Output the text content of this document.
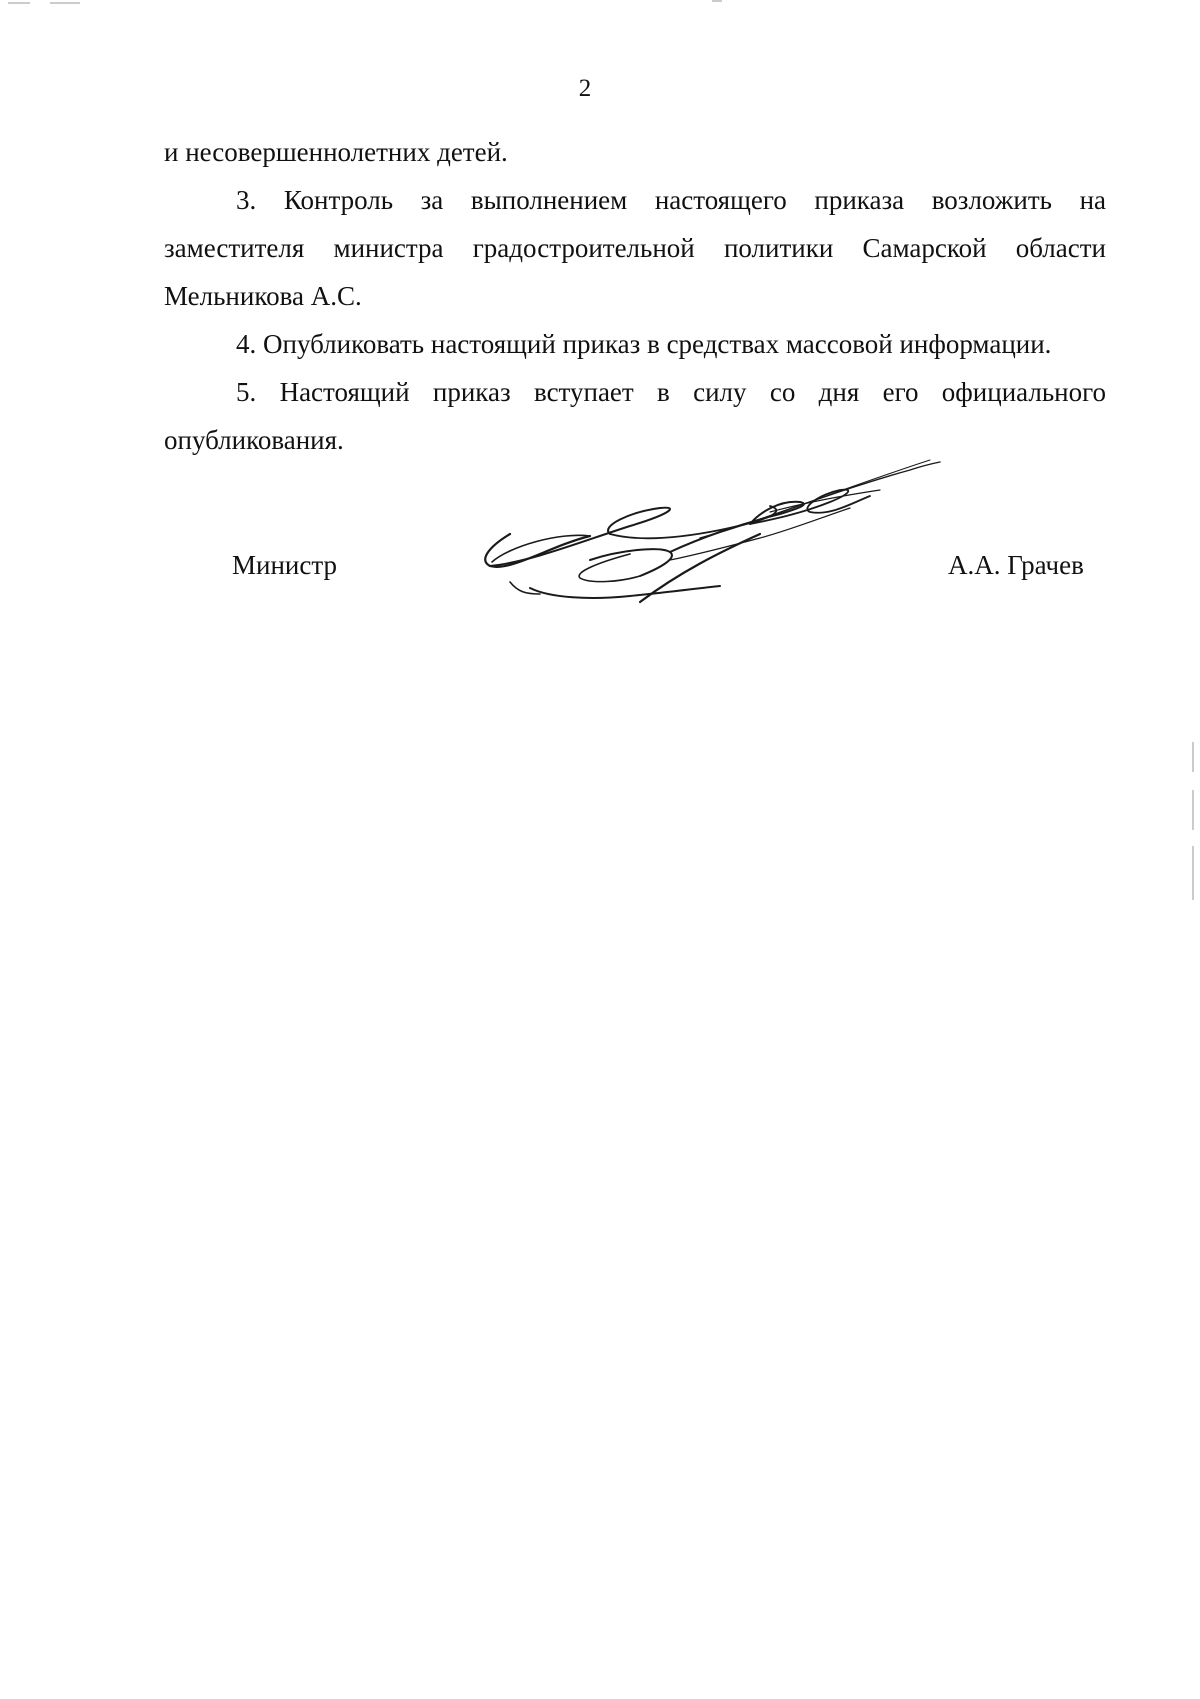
2

и несовершеннолетних детей.

3. Контроль за выполнением настоящего приказа возложить на заместителя министра градостроительной политики Самарской области Мельникова А.С.

4. Опубликовать настоящий приказ в средствах массовой информации.

5. Настоящий приказ вступает в силу со дня его официального опубликования.

Министр	А.А. Грачев
